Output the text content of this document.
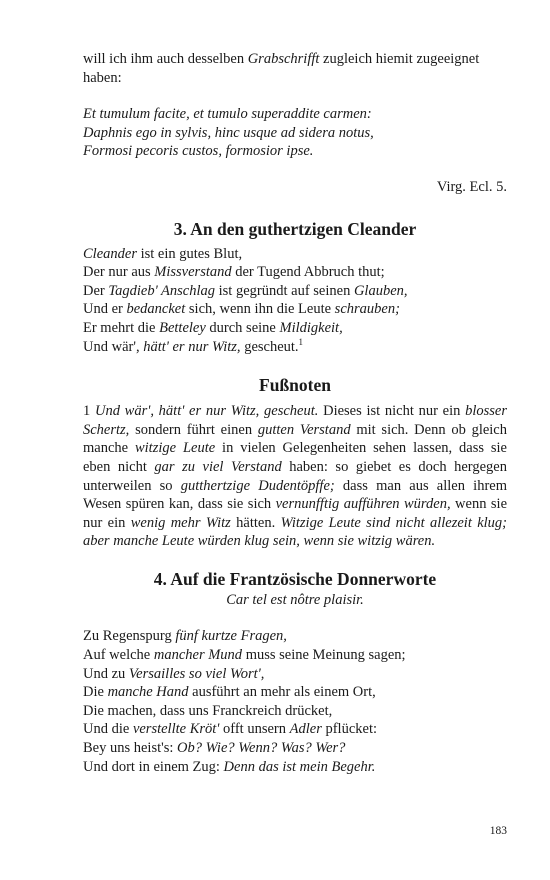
will ich ihm auch desselben Grabschrifft zugleich hiemit zugeeignet
haben:

Et tumulum facite, et tumulo superaddite carmen:
Daphnis ego in sylvis, hinc usque ad sidera notus,
Formosi pecoris custos, formosior ipse.
Virg. Ecl. 5.
3. An den guthertzigen Cleander
Cleander ist ein gutes Blut,
Der nur aus Missverstand der Tugend Abbruch thut;
Der Tagdieb' Anschlag ist gegründt auf seinen Glauben,
Und er bedancket sich, wenn ihn die Leute schrauben;
Er mehrt die Betteley durch seine Mildigkeit,
Und wär', hätt' er nur Witz, gescheut.$^1$
Fußnoten

1 Und wär', hätt' er nur Witz, gescheut. Dieses ist nicht nur ein blosser Schertz, sondern führt einen gutten Verstand mit sich. Denn ob gleich manche witzige Leute in vielen Gelegenheiten sehen lassen, dass sie eben nicht gar zu viel Verstand haben: so giebet es doch hergegen unterweilen so gutthertzige Dudentöpffe; dass man aus allen ihrem Wesen spüren kan, dass sie sich vernunfftig aufführen würden, wenn sie nur ein wenig mehr Witz hätten. Witzige Leute sind nicht allezeit klug; aber manche Leute würden klug sein, wenn sie witzig wären.

4. Auf die Frantzösische Donnerworte
Car tel est nôtre plaisir.
Zu Regenspurg fünf kurtze Fragen,
Auf welche mancher Mund muss seine Meinung sagen;
Und zu Versailles so viel Wort',
Die manche Hand ausführt an mehr als einem Ort,
Die machen, dass uns Franckreich drücket,
Und die verstellte Kröt' offt unsern Adler pflücket:
Bey uns heist's: Ob? Wie? Wenn? Was? Wer?
Und dort in einem Zug: Denn das ist mein Begehr.
183
